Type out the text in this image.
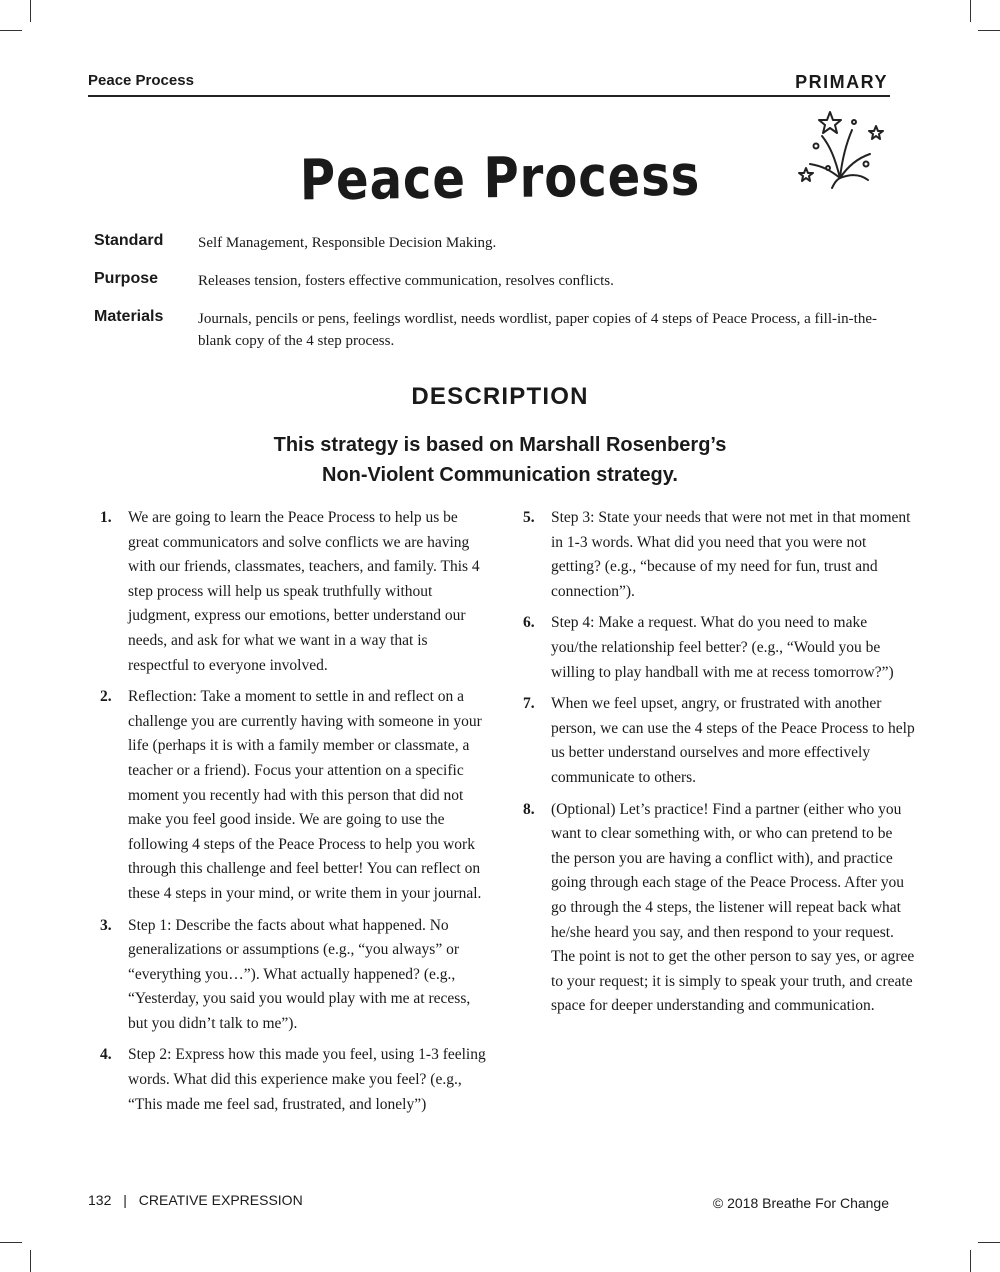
Peace Process	PRIMARY
Peace Process
Standard Self Management, Responsible Decision Making.
Purpose	Releases tension, fosters effective communication, resolves conflicts.
Materials Journals, pencils or pens, feelings wordlist, needs wordlist, paper copies of 4 steps of Peace Process, a fill-in-the-blank copy of the 4 step process.
DESCRIPTION
This strategy is based on Marshall Rosenberg’s
Non-Violent Communication strategy.
1. We are going to learn the Peace Process to help us be great communicators and solve conflicts we are having with our friends, classmates, teachers, and family. This 4 step process will help us speak truthfully without judgment, express our emotions, better understand our needs, and ask for what we want in a way that is respectful to everyone involved.
2. Reflection: Take a moment to settle in and reflect on a challenge you are currently having with someone in your life (perhaps it is with a family member or classmate, a teacher or a friend). Focus your attention on a specific moment you recently had with this person that did not make you feel good inside. We are going to use the following 4 steps of the Peace Process to help you work through this challenge and feel better! You can reflect on these 4 steps in your mind, or write them in your journal.
3. Step 1: Describe the facts about what happened. No generalizations or assumptions (e.g., “you always” or “everything you…”). What actually happened? (e.g., “Yesterday, you said you would play with me at recess, but you didn’t talk to me”).
4. Step 2: Express how this made you feel, using 1-3 feeling words. What did this experience make you feel? (e.g., “This made me feel sad, frustrated, and lonely”)
5. Step 3: State your needs that were not met in that moment in 1-3 words. What did you need that you were not getting? (e.g., “because of my need for fun, trust and connection”).
6. Step 4: Make a request. What do you need to make you/the relationship feel better? (e.g., “Would you be willing to play handball with me at recess tomorrow?”)
7. When we feel upset, angry, or frustrated with another person, we can use the 4 steps of the Peace Process to help us better understand ourselves and more effectively communicate to others.
8. (Optional) Let’s practice! Find a partner (either who you want to clear something with, or who can pretend to be the person you are having a conflict with), and practice going through each stage of the Peace Process. After you go through the 4 steps, the listener will repeat back what he/she heard you say, and then respond to your request. The point is not to get the other person to say yes, or agree to your request; it is simply to speak your truth, and create space for deeper understanding and communication.
132 | CREATIVE EXPRESSION	© 2018 Breathe For Change
